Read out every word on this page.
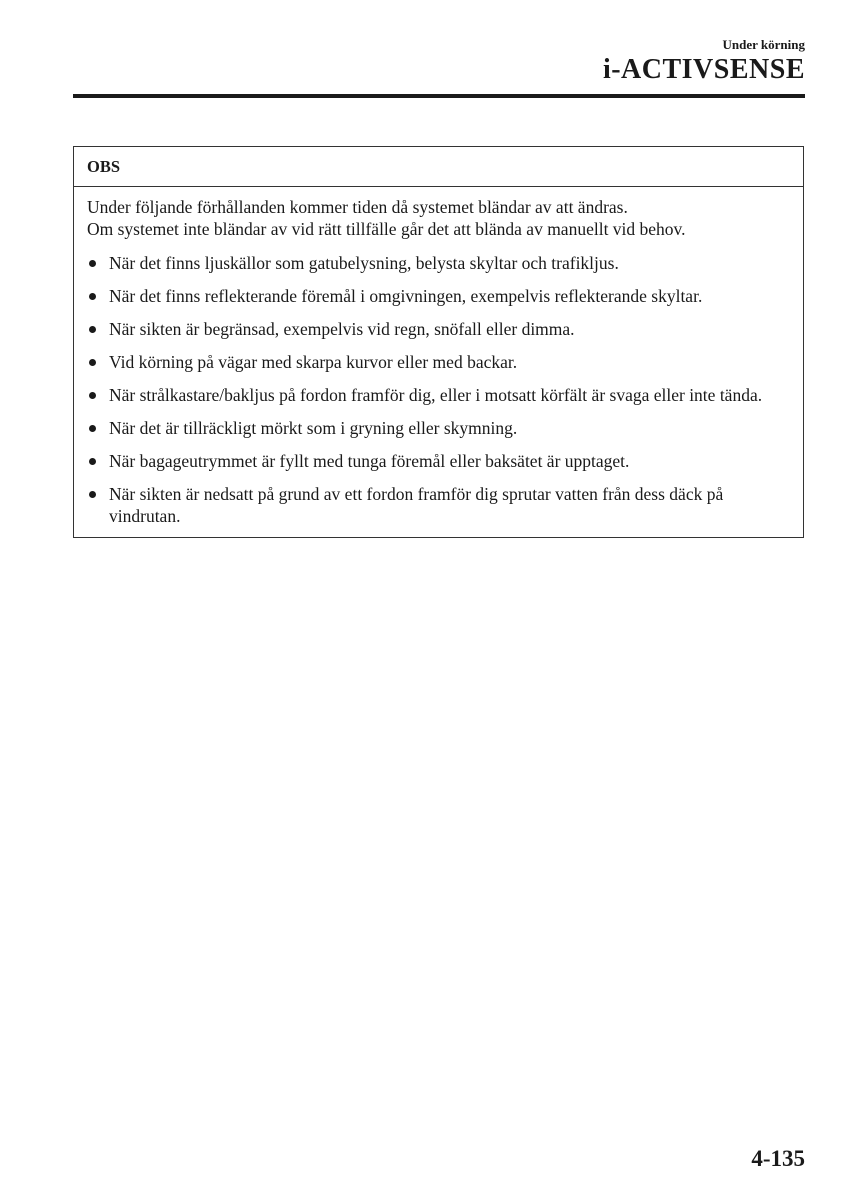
Under körning
i-ACTIVSENSE
OBS
Under följande förhållanden kommer tiden då systemet bländar av att ändras.
Om systemet inte bländar av vid rätt tillfälle går det att blända av manuellt vid behov.
När det finns ljuskällor som gatubelysning, belysta skyltar och trafikljus.
När det finns reflekterande föremål i omgivningen, exempelvis reflekterande skyltar.
När sikten är begränsad, exempelvis vid regn, snöfall eller dimma.
Vid körning på vägar med skarpa kurvor eller med backar.
När strålkastare/bakljus på fordon framför dig, eller i motsatt körfält är svaga eller inte tända.
När det är tillräckligt mörkt som i gryning eller skymning.
När bagageutrymmet är fyllt med tunga föremål eller baksätet är upptaget.
När sikten är nedsatt på grund av ett fordon framför dig sprutar vatten från dess däck på vindrutan.
4-135
